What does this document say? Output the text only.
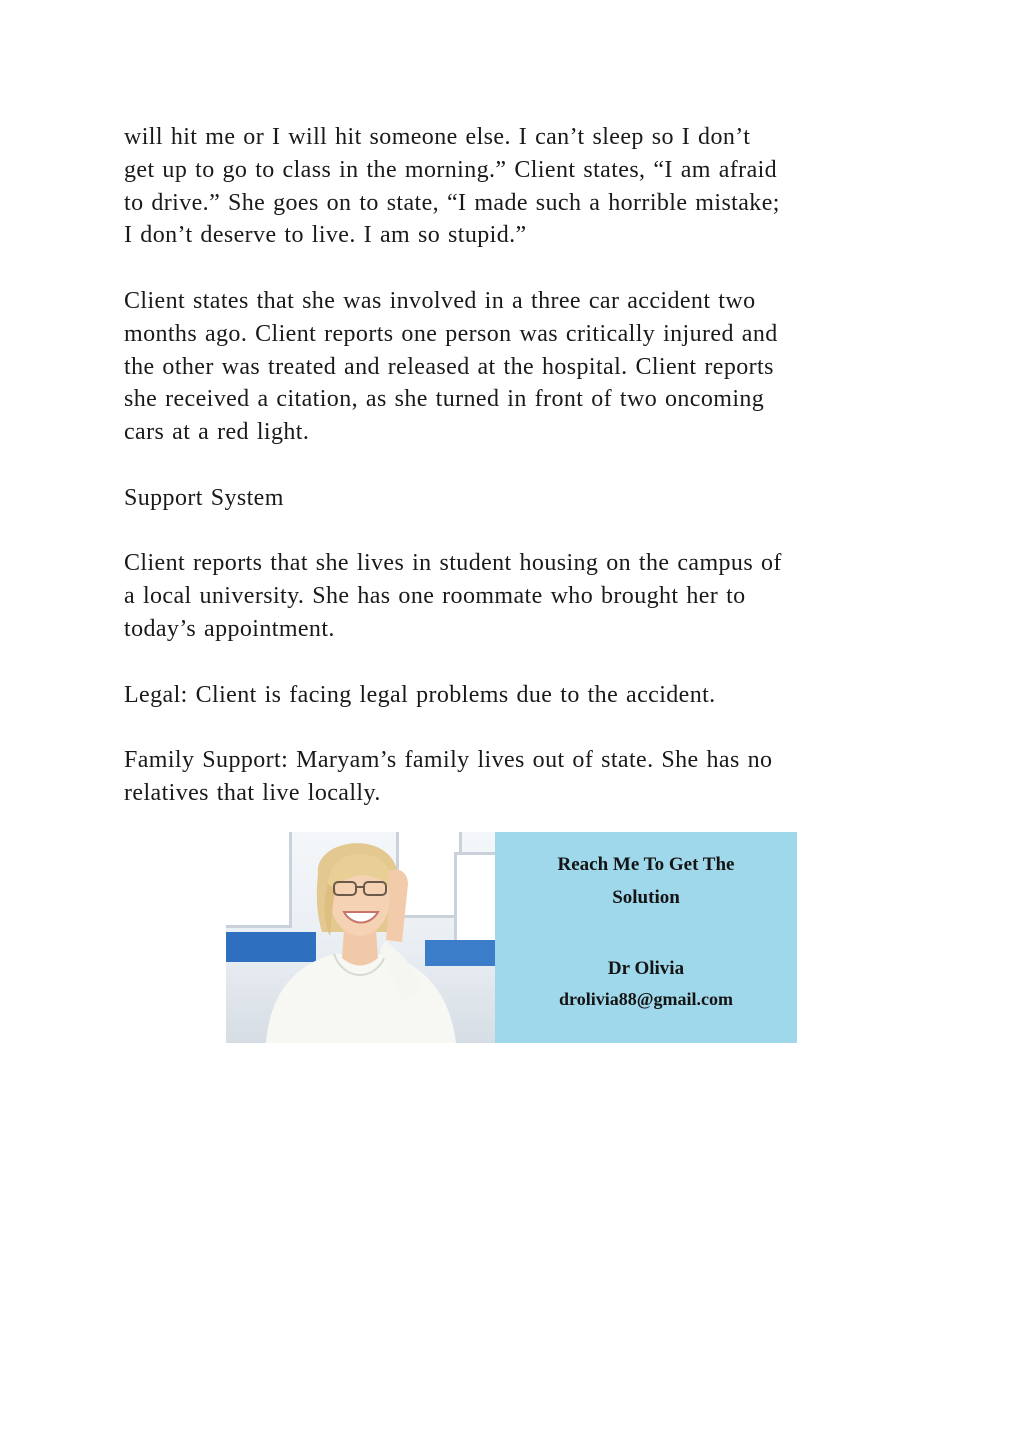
will hit me or I will hit someone else. I can’t sleep so I don’t
get up to go to class in the morning.” Client states, “I am afraid
to drive.” She goes on to state, “I made such a horrible mistake;
I don’t deserve to live. I am so stupid.”

Client states that she was involved in a three car accident two
months ago. Client reports one person was critically injured and
the other was treated and released at the hospital. Client reports
she received a citation, as she turned in front of two oncoming
cars at a red light.

Support System

Client reports that she lives in student housing on the campus of
a local university. She has one roommate who brought her to
today’s appointment.

Legal: Client is facing legal problems due to the accident.

Family Support: Maryam’s family lives out of state. She has no
relatives that live locally.

Reach Me To Get The
Solution
Dr Olivia
drolivia88@gmail.com
